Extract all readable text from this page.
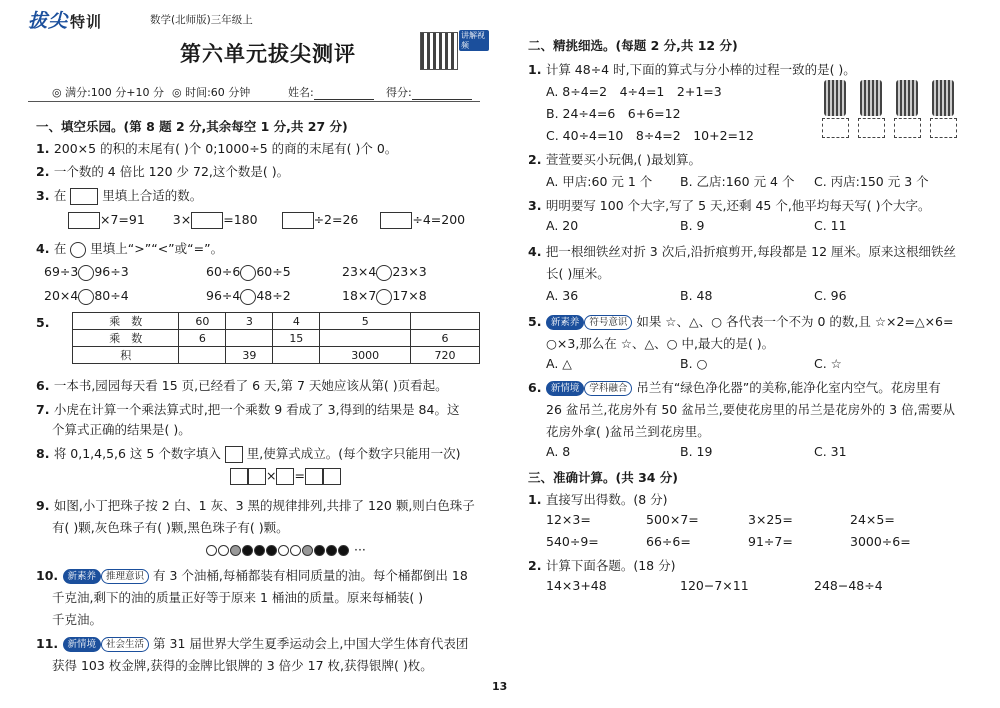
拔尖 特训	数学(北师版)三年级上
第六单元拔尖测评
讲解视频
◎ 满分:100 分+10 分 ◎ 时间:60 分钟	姓名:	得分:
一、填空乐园。(第 8 题 2 分,其余每空 1 分,共 27 分)
1. 200×5 的积的末尾有( )个 0;1000÷5 的商的末尾有( )个 0。
2. 一个数的 4 倍比 120 少 72,这个数是( )。
3. 在	里填上合适的数。
×7=91 3×	=180	÷2=26	÷4=200
4. 在 里填上“>”“<”或“=”。
69÷3 96÷3	60÷6 60÷5	23×4 23×3
20×4 80÷4	96÷4 48÷2	18×7 17×8
5.	乘　数	60	3	4	5	
乘　数	6		15		6
积		39		3000	720
6. 一本书,园园每天看 15 页,已经看了 6 天,第 7 天她应该从第( )页看起。
7. 小虎在计算一个乘法算式时,把一个乘数 9 看成了 3,得到的结果是 84。这
个算式正确的结果是( )。
8. 将 0,1,4,5,6 这 5 个数字填入 里,使算式成立。(每个数字只能用一次)
× =
9. 如图,小丁把珠子按 2 白、1 灰、3 黑的规律排列,共排了 120 颗,则白色珠子
有( )颗,灰色珠子有( )颗,黑色珠子有( )颗。
···
10. 新素养 推理意识 有 3 个油桶,每桶都装有相同质量的油。每个桶都倒出 18
千克油,剩下的油的质量正好等于原来 1 桶油的质量。原来每桶装( )
千克油。
11. 新情境 社会生活 第 31 届世界大学生夏季运动会上,中国大学生体育代表团
获得 103 枚金牌,获得的金牌比银牌的 3 倍少 17 枚,获得银牌( )枚。
二、精挑细选。(每题 2 分,共 12 分)
1. 计算 48÷4 时,下面的算式与分小棒的过程一致的是( )。
A. 8÷4=2　4÷4=1　2+1=3
B. 24÷4=6　6+6=12
C. 40÷4=10　8÷4=2　10+2=12
2. 萱萱要买小玩偶,( )最划算。
A. 甲店:60 元 1 个 B. 乙店:160 元 4 个 C. 丙店:150 元 3 个
3. 明明要写 100 个大字,写了 5 天,还剩 45 个,他平均每天写( )个大字。
A. 20	B. 9	C. 11
4. 把一根细铁丝对折 3 次后,沿折痕剪开,每段都是 12 厘米。原来这根细铁丝
长( )厘米。
A. 36	B. 48	C. 96
5. 新素养 符号意识 如果 ☆、△、○ 各代表一个不为 0 的数,且 ☆×2=△×6=
○×3,那么在 ☆、△、○ 中,最大的是( )。
A. △	B. ○	C. ☆
6. 新情境 学科融合 吊兰有“绿色净化器”的美称,能净化室内空气。花房里有
26 盆吊兰,花房外有 50 盆吊兰,要使花房里的吊兰是花房外的 3 倍,需要从
花房外拿( )盆吊兰到花房里。
A. 8	B. 19	C. 31
三、准确计算。(共 34 分)
1. 直接写出得数。(8 分)
12×3=	500×7=	3×25=	24×5=
540÷9=	66÷6=	91÷7=	3000÷6=
2. 计算下面各题。(18 分)
14×3+48	120−7×11	248−48÷4
13
